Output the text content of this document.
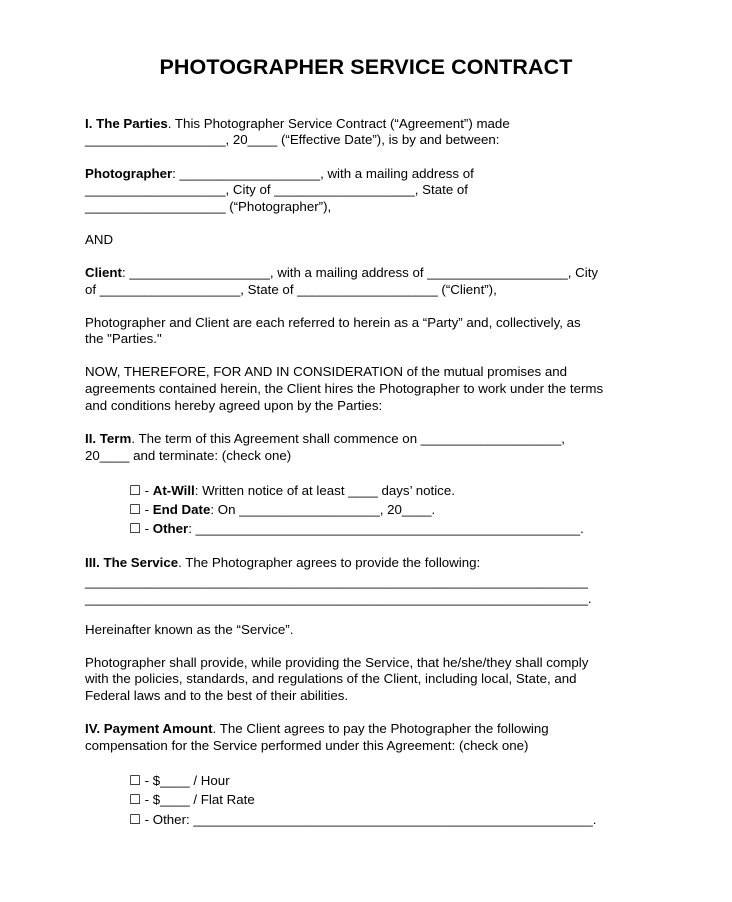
PHOTOGRAPHER SERVICE CONTRACT
I. The Parties. This Photographer Service Contract (“Agreement”) made
___________________, 20____ (“Effective Date”), is by and between:
Photographer: ___________________, with a mailing address of
___________________, City of ___________________, State of
___________________ (“Photographer”),
AND
Client: ___________________, with a mailing address of ___________________, City
of ___________________, State of ___________________ (“Client”),
Photographer and Client are each referred to herein as a “Party” and, collectively, as
the "Parties."
NOW, THEREFORE, FOR AND IN CONSIDERATION of the mutual promises and
agreements contained herein, the Client hires the Photographer to work under the terms
and conditions hereby agreed upon by the Parties:
II. Term. The term of this Agreement shall commence on ___________________,
20____ and terminate: (check one)
☐ - At-Will: Written notice of at least ____ days’ notice.
☐ - End Date: On ___________________, 20____.
☐ - Other: ____________________________________________________.
III. The Service. The Photographer agrees to provide the following:
____________________________________________________________________
____________________________________________________________________.
Hereinafter known as the “Service”.
Photographer shall provide, while providing the Service, that he/she/they shall comply
with the policies, standards, and regulations of the Client, including local, State, and
Federal laws and to the best of their abilities.
IV. Payment Amount. The Client agrees to pay the Photographer the following
compensation for the Service performed under this Agreement: (check one)
☐ - $____ / Hour
☐ - $____ / Flat Rate
☐ - Other: ______________________________________________________.
